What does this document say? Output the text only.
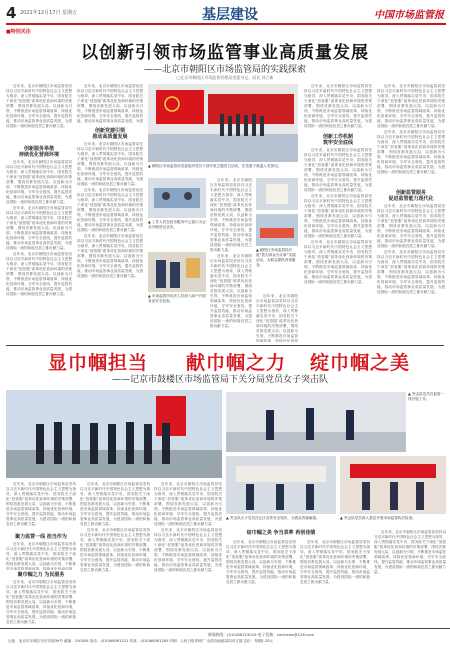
4 2021年12月17日 星期五	基层建设	中国市场监管报
■特别关注
以创新引领市场监管事业高质量发展
——北京市朝阳区市场监管局的实践探索
□北京市朝阳区市场监督管理局党委书记、局长 刘立新

近年来，北京市朝阳区市场监管局坚持以习近平新时代中国特色社会主义思想为指导，深入贯彻落实党中央、国务院关于深化“放管服”改革优化营商环境的决策部署，围绕首都发展大局，以创新为引领，不断推进市场监管领域改革，持续优化营商环境，守牢安全底线，提升监管效能，推动市场监管事业高质量发展，为建设国际一流的和谐宜居之都贡献力量。

创新服务举措
持续优化营商环境

近年来，北京市朝阳区市场监管局坚持以习近平新时代中国特色社会主义思想为指导，深入贯彻落实党中央、国务院关于深化“放管服”改革优化营商环境的决策部署，围绕首都发展大局，以创新为引领，不断推进市场监管领域改革，持续优化营商环境，守牢安全底线，提升监管效能，推动市场监管事业高质量发展，为建设国际一流的和谐宜居之都贡献力量。

近年来，北京市朝阳区市场监管局坚持以习近平新时代中国特色社会主义思想为指导，深入贯彻落实党中央、国务院关于深化“放管服”改革优化营商环境的决策部署，围绕首都发展大局，以创新为引领，不断推进市场监管领域改革，持续优化营商环境，守牢安全底线，提升监管效能，推动市场监管事业高质量发展，为建设国际一流的和谐宜居之都贡献力量。

近年来，北京市朝阳区市场监管局坚持以习近平新时代中国特色社会主义思想为指导，深入贯彻落实党中央、国务院关于深化“放管服”改革优化营商环境的决策部署，围绕首都发展大局，以创新为引领，不断推进市场监管领域改革，持续优化营商环境，守牢安全底线，提升监管效能，推动市场监管事业高质量发展，为建设国际一流的和谐宜居之都贡献力量。

近年来，北京市朝阳区市场监管局坚持以习近平新时代中国特色社会主义思想为指导，深入贯彻落实党中央、国务院关于深化“放管服”改革优化营商环境的决策部署，围绕首都发展大局，以创新为引领，不断推进市场监管领域改革，持续优化营商环境，守牢安全底线，提升监管效能，推动市场监管事业高质量发展，为建

创新党建引领
推动高质量发展

近年来，北京市朝阳区市场监管局坚持以习近平新时代中国特色社会主义思想为指导，深入贯彻落实党中央、国务院关于深化“放管服”改革优化营商环境的决策部署，围绕首都发展大局，以创新为引领，不断推进市场监管领域改革，持续优化营商环境，守牢安全底线，提升监管效能，推动市场监管事业高质量发展，为建设国际一流的和谐宜居之都贡献力量。

近年来，北京市朝阳区市场监管局坚持以习近平新时代中国特色社会主义思想为指导，深入贯彻落实党中央、国务院关于深化“放管服”改革优化营商环境的决策部署，围绕首都发展大局，以创新为引领，不断推进市场监管领域改革，持续优化营商环境，守牢安全底线，提升监管效能，推动市场监管事业高质量发展，为建设国际一流的和谐宜居之都贡献力量。

近年来，北京市朝阳区市场监管局坚持以习近平新时代中国特色社会主义思想为指导，深入贯彻落实党中央、国务院关于深化“放管服”改革优化营商环境的决策部署，围绕首都发展大局，以创新为引领，不断推进市场监管领域改革，持续优化营商环境，守牢安全底线，提升监管效能，推动市场监管事业高质量发展，为建设国际一流的和谐宜居之都贡献力量。

▲ 朝阳区市场监管局党委组织党员干部开展主题党日活动，在党旗下重温入党誓词。
▲ 工作人员在政务服务中心窗口为企业办理登记业务。
▲ 市场监管所执法人员深入商户开展食品安全检查。

近年来，北京市朝阳区市场监管局坚持以习近平新时代中国特色社会主义思想为指导，深入贯彻落实党中央、国务院关于深化“放管服”改革优化营商环境的决策部署，围绕首都发展大局，以创新为引领，不断推进市场监管领域改革，持续优化营商环境，守牢安全底线，提升监管效能，推动市场监管事业高质量发展，为建设国际一流的和谐宜居之都贡献力量。

近年来，北京市朝阳区市场监管局坚持以习近平新时代中国特色社会主义思想为指导，深入贯彻落实党中央、国务院关于深化“放管服”改革优化营商环境的决策部署，围绕首都发展大局，以创新为引领，不断推进市场监管领域改革，持续优化营商环境，守牢安全底线，提升监管效能，推动市场监管事业高质量发展，为建设国际一流的和谐宜居之都贡献力量。

▲ 朝阳区市场监管局开展“我为群众办实事”实践活动，为群众提供咨询服务。

近年来，北京市朝阳区市场监管局坚持以习近平新时代中国特色社会主义思想为指导，深入贯彻落实党中央、国务院关于深化“放管服”改革优化营商环境的决策部署，围绕首都发展大局，以创新为引领，不断推进市场监管领域改革，持续优化营商

近年来，北京市朝阳区市场监管局坚持以习近平新时代中国特色社会主义思想为指导，深入贯彻落实党中央、国务院关于深化“放管服”改革优化营商环境的决策部署，围绕首都发展大局，以创新为引领，不断推进市场监管领域改革，持续优化营商环境，守牢安全底线，提升监管效能，推动市场监管事业高质量发展，为建设国际一流的和谐宜居之都贡献力量。

创新工作机制
筑牢安全底线

近年来，北京市朝阳区市场监管局坚持以习近平新时代中国特色社会主义思想为指导，深入贯彻落实党中央、国务院关于深化“放管服”改革优化营商环境的决策部署，围绕首都发展大局，以创新为引领，不断推进市场监管领域改革，持续优化营商环境，守牢安全底线，提升监管效能，推动市场监管事业高质量发展，为建设国际一流的和谐宜居之都贡献力量。

近年来，北京市朝阳区市场监管局坚持以习近平新时代中国特色社会主义思想为指导，深入贯彻落实党中央、国务院关于深化“放管服”改革优化营商环境的决策部署，围绕首都发展大局，以创新为引领，不断推进市场监管领域改革，持续优化营商环境，守牢安全底线，提升监管效能，推动市场监管事业高质量发展，为建设国际一流的和谐宜居之都贡献力量。

近年来，北京市朝阳区市场监管局坚持以习近平新时代中国特色社会主义思想为指导，深入贯彻落实党中央、国务院关于深化“放管服”改革优化营商环境的决策部署，围绕首都发展大局，以创新为引领，不断推进市场监管领域改革，持续优化营商环境，守牢安全底线，提升监管效能，推动市场监管事业高质量发展，为建设国际一流的和谐宜居之都贡献力量。

近年来，北京市朝阳区市场监管局坚持以习近平新时代中国特色社会主义思想为指导，深入贯彻落实党中央、国务院关于深化“放管服”改革优化营商环境的决策部署，围绕首都发展大局，以创新为引领，不断推进市场监管领域改革，持续优化营商环境，守牢安全底线，提升监管效能，推动市场监管事业高质量发展，为建设国际一流的和谐宜居之都贡献力量。

近年来，北京市朝阳区市场监管局坚持以习近平新时代中国特色社会主义思想为指导，深入贯彻落实党中央、国务院关于深化“放管服”改革优化营商环境的决策部署，围绕首都发展大局，以创新为引领，不断推进市场监管领域改革，持续优化营商环境，守牢安全底线，提升监管效能，推动市场监管事业高质量发展，为建设国际一流的和谐宜居之都贡献力量。

创新监管服务
促进监管能力现代化

近年来，北京市朝阳区市场监管局坚持以习近平新时代中国特色社会主义思想为指导，深入贯彻落实党中央、国务院关于深化“放管服”改革优化营商环境的决策部署，围绕首都发展大局，以创新为引领，不断推进市场监管领域改革，持续优化营商环境，守牢安全底线，提升监管效能，推动市场监管事业高质量发展，为建设国际一流的和谐宜居之都贡献力量。

近年来，北京市朝阳区市场监管局坚持以习近平新时代中国特色社会主义思想为指导，深入贯彻落实党中央、国务院关于深化“放管服”改革优化营商环境的决策部署，围绕首都发展大局，以创新为引领，不断推进市场监管领域改革，持续优化营商环境，守牢安全底线，提升监管效能，推动市场监管事业高质量发展，为建设国际一流的和谐宜居之都贡献力量。

显巾帼担当 献巾帼之力 绽巾帼之美
——记京市鼓楼区市场监管局下关分局党员女子突击队
▲ 突击队党员在监管一线开展工作。
▲ 突击队女子党员在社区宣传安全知识，为群众答疑解惑。	▲ 突击队党员深入基层开展市场监管执法检查。

近年来，北京市朝阳区市场监管局坚持以习近平新时代中国特色社会主义思想为指导，深入贯彻落实党中央、国务院关于深化“放管服”改革优化营商环境的决策部署，围绕首都发展大局，以创新为引领，不断推进市场监管领域改革，持续优化营商环境，守牢安全底线，提升监管效能，推动市场监管事业高质量发展，为建设国际一流的和谐宜居之都贡献力量。

聚力监管一线 担当作为

近年来，北京市朝阳区市场监管局坚持以习近平新时代中国特色社会主义思想为指导，深入贯彻落实党中央、国务院关于深化“放管服”改革优化营商环境的决策部署，围绕首都发展大局，以创新为引领，不断推进市场监管领域改革，持续优化营商环境，

聚巾帼之力 为民服务

近年来，北京市朝阳区市场监管局坚持以习近平新时代中国特色社会主义思想为指导，深入贯彻落实党中央、国务院关于深化“放管服”改革优化营商环境的决策部署，围绕首都发展大局，以创新为引领，不断推进市场监管领域改革，持续优化营商环境，守牢安全底线，提升监管效能，推动市场监管事业高质量发展，为建设国际一流的和谐宜居之都贡献力量。

近年来，北京市朝阳区市场监管局坚持以习近平新时代中国特色社会主义思想为指导，深入贯彻落实党中央、国务院关于深化“放管服”改革优化营商环境的决策部署，围绕首都发展大局，以创新为引领，不断推进市场监管领域改革，持续优化营商环境，守牢安全底线，提升监管效能，推动市场监管事业高质量发展，为建设国际一流的和谐宜居之都贡献力量。

近年来，北京市朝阳区市场监管局坚持以习近平新时代中国特色社会主义思想为指导，深入贯彻落实党中央、国务院关于深化“放管服”改革优化营商环境的决策部署，围绕首都发展大局，以创新为引领，不断推进市场监管领域改革，持续优化营商环境，守牢安全底线，提升监管效能，推动市场监管事业高质量发展，为建设国际一流的和谐宜居之都贡献力量。

近年来，北京市朝阳区市场监管局坚持以习近平新时代中国特色社会主义思想为指导，深入贯彻落实党中央、国务院关于深化“放管服”改革优化营商环境的决策部署，围绕首都发展大局，以创新为引领，不断推进市场监管领域改革，持续优化营商环境，守牢安全底线，提升监管效能，推动市场监管事业高质量发展，为建设国际一流的和谐宜居之都贡献力量。

近年来，北京市朝阳区市场监管局坚持以习近平新时代中国特色社会主义思想为指导，深入贯彻落实党中央、国务院关于深化“放管服”改革优化营商环境的决策部署，围绕首都发展大局，以创新为引领，不断推进市场监管领域改革，持续优化营商环境，守牢安全底线，提升监管效能，推动市场监管事业高质量发展，为建设国际一流的和谐宜居之都贡献力量。

绽巾帼之美 争当表率 再创佳绩

近年来，北京市朝阳区市场监管局坚持以习近平新时代中国特色社会主义思想为指导，深入贯彻落实党中央、国务院关于深化“放管服”改革优化营商环境的决策部署，围绕首都发展大局，以创新为引领，不断推进市场监管领域改革，持续优化营商环境，守牢安全底线，提升监管效能，推动市场监管事业高质量发展，为建设国际一流的和谐宜居之都贡献力量。

近年来，北京市朝阳区市场监管局坚持以习近平新时代中国特色社会主义思想为指导，深入贯彻落实党中央、国务院关于深化“放管服”改革优化营商环境的决策部署，围绕首都发展大局，以创新为引领，不断推进市场监管领域改革，持续优化营商环境，守牢安全底线，提升监管效能，推动市场监管事业高质量发展，为建设国际一流的和谐宜居之都贡献力量。

近年来，北京市朝阳区市场监管局坚持以习近平新时代中国特色社会主义思想为指导，深入贯彻落实党中央、国务院关于深化“放管服”改革优化营商环境的决策部署，围绕首都发展大局，以创新为引领，不断推进市场监管领域改革，持续优化营商环境，守牢安全底线，提升监管效能，推动市场监管事业高质量发展，为建设国际一流的和谐宜居之都贡献力量。

新闻热线：(010)66123019 电子信箱：cmrnews@126.com
社址：北京市东城区东长安街39号 邮编：100006 电话：(010)68561221 传真：(010)68561265 印刷：人民日报印刷厂 全国各地邮局均可订阅 定价：每期1.20元
